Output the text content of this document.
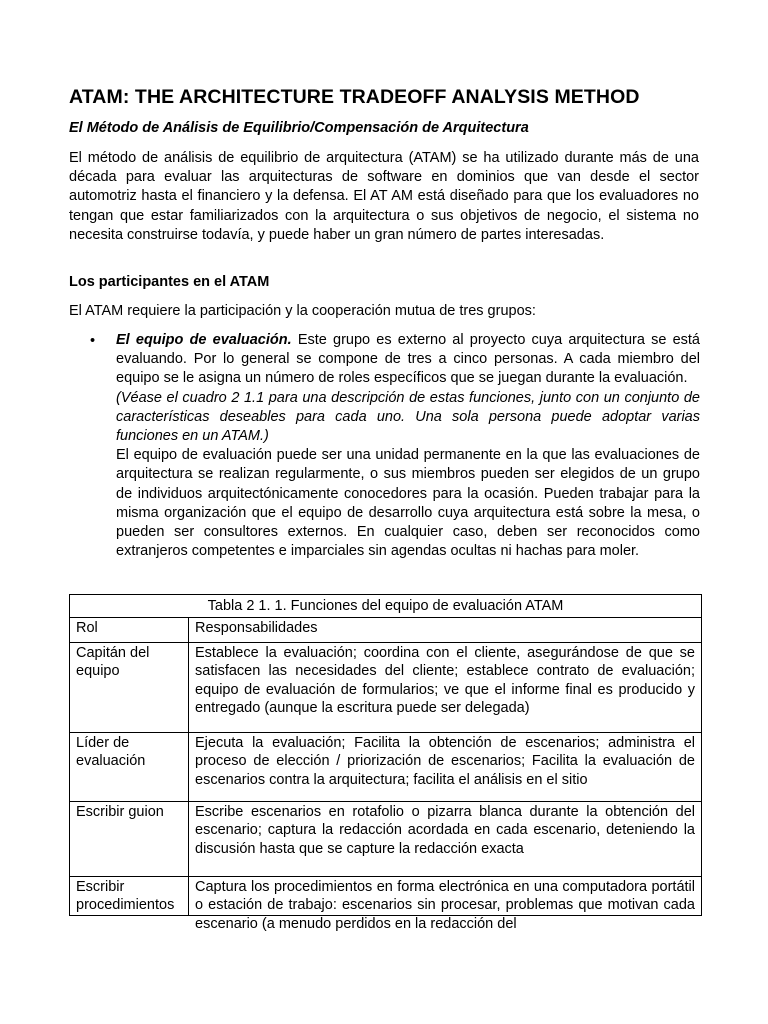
ATAM: THE ARCHITECTURE TRADEOFF ANALYSIS METHOD

El Método de Análisis de Equilibrio/Compensación de Arquitectura

El método de análisis de equilibrio de arquitectura (ATAM) se ha utilizado durante más de una década para evaluar las arquitecturas de software en dominios que van desde el sector automotriz hasta el financiero y la defensa. El AT AM está diseñado para que los evaluadores no tengan que estar familiarizados con la arquitectura o sus objetivos de negocio, el sistema no necesita construirse todavía, y puede haber un gran número de partes interesadas.

Los participantes en el ATAM

El ATAM requiere la participación y la cooperación mutua de tres grupos:

• El equipo de evaluación. Este grupo es externo al proyecto cuya arquitectura se está evaluando. Por lo general se compone de tres a cinco personas. A cada miembro del equipo se le asigna un número de roles específicos que se juegan durante la evaluación.

(Véase el cuadro 2 1.1 para una descripción de estas funciones, junto con un conjunto de características deseables para cada uno. Una sola persona puede adoptar varias funciones en un ATAM.)

El equipo de evaluación puede ser una unidad permanente en la que las evaluaciones de arquitectura se realizan regularmente, o sus miembros pueden ser elegidos de un grupo de individuos arquitectónicamente conocedores para la ocasión. Pueden trabajar para la misma organización que el equipo de desarrollo cuya arquitectura está sobre la mesa, o pueden ser consultores externos. En cualquier caso, deben ser reconocidos como extranjeros competentes e imparciales sin agendas ocultas ni hachas para moler.

Tabla 2 1. 1. Funciones del equipo de evaluación ATAM	
Rol	Responsabilidades
Capitán del equipo	Establece la evaluación; coordina con el cliente, asegurándose de que se satisfacen las necesidades del cliente; establece contrato de evaluación; equipo de evaluación de formularios; ve que el informe final es producido y entregado (aunque la escritura puede ser delegada)
Líder de evaluación	Ejecuta la evaluación; Facilita la obtención de escenarios; administra el proceso de elección / priorización de escenarios; Facilita la evaluación de escenarios contra la arquitectura; facilita el análisis en el sitio
Escribir guion	Escribe escenarios en rotafolio o pizarra blanca durante la obtención del escenario; captura la redacción acordada en cada escenario, deteniendo la discusión hasta que se capture la redacción exacta
Escribir procedimientos	Captura los procedimientos en forma electrónica en una computadora portátil o estación de trabajo: escenarios sin procesar, problemas que motivan cada escenario (a menudo perdidos en la redacción del
